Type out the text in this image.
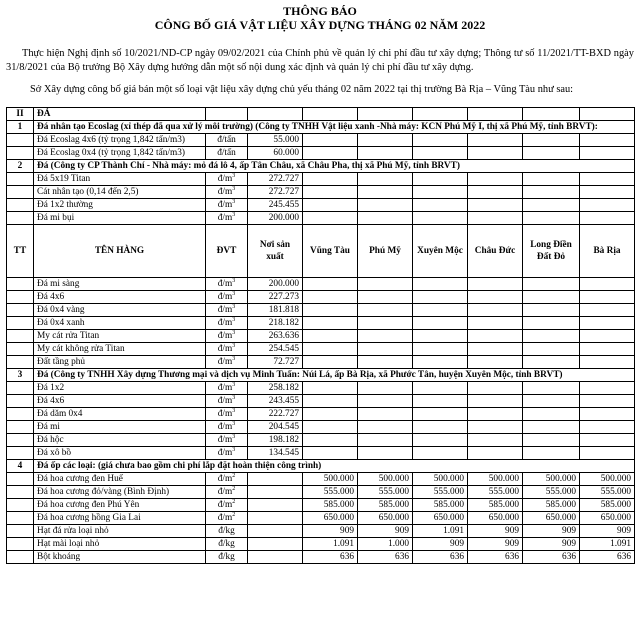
THÔNG BÁO
CÔNG BỐ GIÁ VẬT LIỆU XÂY DỰNG THÁNG 02 NĂM 2022
Thực hiện Nghị định số 10/2021/ND-CP ngày 09/02/2021 của Chính phủ về quản lý chi phí đầu tư xây dựng; Thông tư số 11/2021/TT-BXD ngày 31/8/2021 của Bộ trưởng Bộ Xây dựng hướng dẫn một số nội dung xác định và quản lý chi phí đầu tư xây dựng.
Sở Xây dựng công bố giá bán một số loại vật liệu xây dựng chủ yếu tháng 02 năm 2022 tại thị trường Bà Rịa – Vũng Tàu như sau:
II	ĐÁ								
1	Đá nhân tạo Ecoslag (xỉ thép đã qua xử lý môi trường) (Công ty TNHH Vật liệu xanh -Nhà máy: KCN Phú Mỹ I, thị xã Phú Mỹ, tỉnh BRVT):								
	Đá Ecoslag 4x6 (tỷ trọng 1,842 tấn/m3)	đ/tấn	55.000						
	Đá Ecoslag 0x4 (tỷ trọng 1,842 tấn/m3)	đ/tấn	60.000						
2	Đá (Công ty CP Thành Chí - Nhà máy: mỏ đá lô 4, ấp Tân Châu, xã Châu Pha, thị xã Phú Mỹ, tỉnh BRVT)								
	Đá 5x19 Titan	$đ/m^3$	272.727						
	Cát nhân tạo (0,14 đến 2,5)	$đ/m^3$	272.727						
	Đá 1x2 thường	$đ/m^3$	245.455						
	Đá mi bụi	$đ/m^3$	200.000						
TT	TÊN HÀNG	ĐVT	Nơi sản xuất	Vũng Tàu	Phú Mỹ	Xuyên Mộc	Châu Đức	Long Điền Đất Đỏ	Bà Rịa
	Đá mi sàng	$đ/m^3$	200.000						
	Đá 4x6	$đ/m^3$	227.273						
	Đá 0x4 vàng	$đ/m^3$	181.818						
	Đá 0x4 xanh	$đ/m^3$	218.182						
	My cát rửa Titan	$đ/m^3$	263.636						
	My cát không rửa Titan	$đ/m^3$	254.545						
	Đất tầng phủ	$đ/m^3$	72.727						
3	Đá (Công ty TNHH Xây dựng Thương mại và dịch vụ Minh Tuấn: Núi Lá, ấp Bà Rịa, xã Phước Tân, huyện Xuyên Mộc, tỉnh BRVT)								
	Đá 1x2	$đ/m^3$	258.182						
	Đá 4x6	$đ/m^3$	243.455						
	Đá dăm 0x4	$đ/m^3$	222.727						
	Đá mi	$đ/m^3$	204.545						
	Đá hộc	$đ/m^3$	198.182						
	Đá xô bồ	$đ/m^3$	134.545						
4	Đá ốp các loại: (giá chưa bao gồm chi phí lắp đặt hoàn thiện công trình)								
	Đá hoa cương đen Huế	$đ/m^2$		500.000	500.000	500.000	500.000	500.000	500.000
	Đá hoa cương đỏ/vàng (Bình Định)	$đ/m^2$		555.000	555.000	555.000	555.000	555.000	555.000
	Đá hoa cương đen Phú Yên	$đ/m^2$		585.000	585.000	585.000	585.000	585.000	585.000
	Đá hoa cương hồng Gia Lai	$đ/m^2$		650.000	650.000	650.000	650.000	650.000	650.000
	Hạt đá rửa loại nhỏ	đ/kg		909	909	1.091	909	909	909
	Hạt mài loại nhỏ	đ/kg		1.091	1.000	909	909	909	1.091
	Bột khoáng	đ/kg		636	636	636	636	636	636
